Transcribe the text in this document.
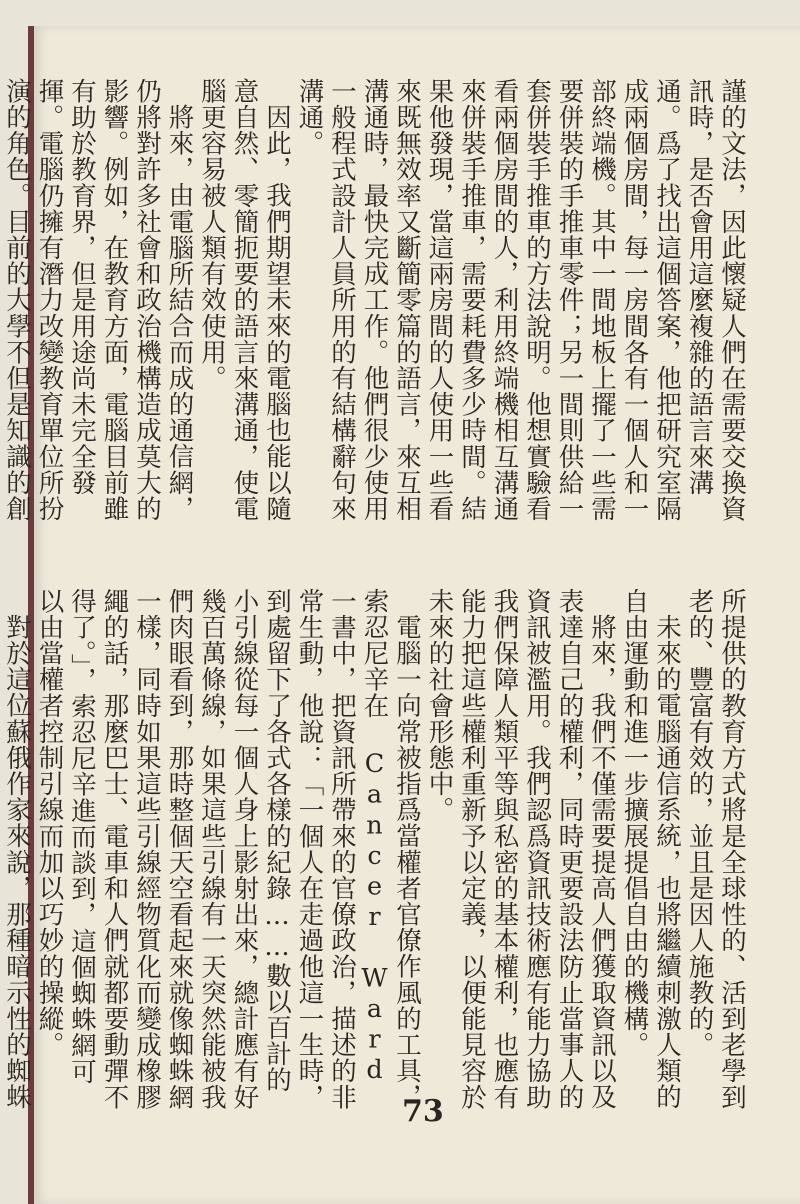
謹的文法，因此懷疑人們在需要交換資訊時，是否會用這麼複雜的語言來溝通。爲了找出這個答案，他把研究室隔成兩個房間，每一房間各有一個人和一部終端機。其中一間地板上擺了一些需要併裝的手推車零件；另一間則供給一套併裝手推車的方法說明。他想實驗看看兩個房間的人，利用終端機相互溝通來併裝手推車，需要耗費多少時間。結果他發現，當這兩房間的人使用一些看來既無效率又斷簡零篇的語言，來互相溝通時，最快完成工作。他們很少使用一般程式設計人員所用的有結構辭句來溝通。
因此，我們期望未來的電腦也能以隨意自然、零簡扼要的語言來溝通，使電腦更容易被人類有效使用。
將來，由電腦所結合而成的通信網，仍將對許多社會和政治機構造成莫大的影響。例如，在教育方面，電腦目前雖有助於教育界，但是用途尚未完全發揮。電腦仍擁有潛力改變教育單位所扮演的角色。目前的大學不但是知識的創
所提供的教育方式將是全球性的、活到老學到老的、豐富有效的，並且是因人施教的。
未來的電腦通信系統，也將繼續刺激人類的自由運動和進一步擴展提倡自由的機構。
將來，我們不僅需要提高人們獲取資訊以及表達自己的權利，同時更要設法防止當事人的資訊被濫用。我們認爲資訊技術應有能力協助我們保障人類平等與私密的基本權利，也應有能力把這些權利重新予以定義，以便能見容於未來的社會形態中。
電腦一向常被指爲當權者官僚作風的工具，索忍尼辛在 Cancer Ward 一書中，把資訊所帶來的官僚政治，描述的非常生動，他說：「一個人在走過他這一生時，到處留下了各式各樣的紀錄……數以百計的小引線從每一個人身上影射出來，總計應有好幾百萬條線，如果這些引線有一天突然能被我們肉眼看到，那時整個天空看起來就像蜘蛛網一樣，同時如果這些引線經物質化而變成橡膠繩的話，那麼巴士、電車和人們就都要動彈不得了。」，索忍尼辛進而談到，這個蜘蛛網可以由當權者控制引線而加以巧妙的操縱。
對於這位蘇俄作家來說，那種暗示性的蜘蛛	73
